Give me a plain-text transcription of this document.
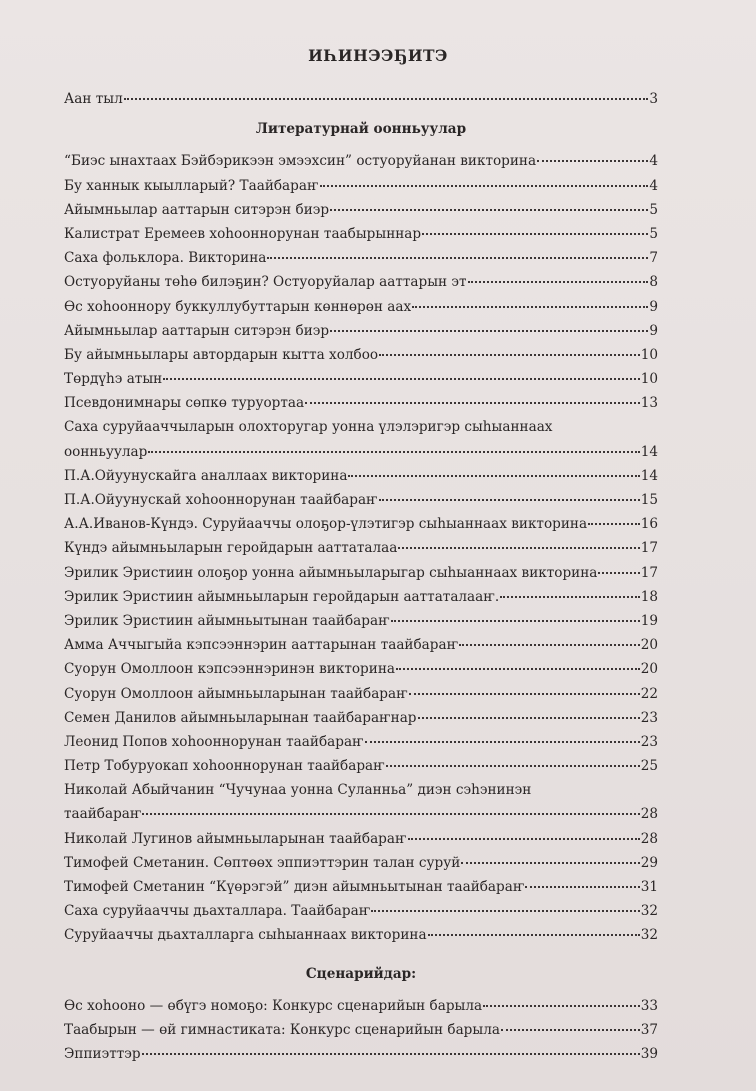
ИҺИНЭЭҔИТЭ
Аан тыл	3
Литературнай оонньуулар
“Биэс ынахтаах Бэйбэрикээн эмээхсин” остуоруйанан викторина	4
Бу ханнык кыылларый? Таайбараҥ	4
Айымньылар ааттарын ситэрэн биэр	5
Калистрат Еремеев хоһооннорунан таабырыннар	5
Саха фольклора. Викторина	7
Остуоруйаны төһө билэҕин? Остуоруйалар ааттарын эт	8
Өс хоһооннору буккуллубуттарын көннөрөн аах	9
Айымньылар ааттарын ситэрэн биэр	9
Бу айымньылары автордарын кытта холбоо	10
Төрдүһэ атын	10
Псевдонимнары сөпкө туруортаа	13
Саха суруйааччыларын олохторугар уонна үлэлэригэр сыһыаннаах
оонньуулар	14
П.А.Ойуунускайга аналлаах викторина	14
П.А.Ойуунускай хоһооннорунан таайбараҥ	15
А.А.Иванов-Күндэ. Суруйааччы олоҕор-үлэтигэр сыһыаннаах викторина	16
Күндэ айымньыларын геройдарын ааттаталаа	17
Эрилик Эристиин олоҕор уонна айымньыларыгар сыһыаннаах викторина	17
Эрилик Эристиин айымньыларын геройдарын ааттаталааҥ.	18
Эрилик Эристиин айымньытынан таайбараҥ	19
Амма Аччыгыйа кэпсээннэрин ааттарынан таайбараҥ	20
Суорун Омоллоон кэпсээннэринэн викторина	20
Суорун Омоллоон айымньыларынан таайбараҥ	22
Семен Данилов айымньыларынан таайбараҥнар	23
Леонид Попов хоһооннорунан таайбараҥ	23
Петр Тобуруокап хоһооннорунан таайбараҥ	25
Николай Абыйчанин “Чучунаа уонна Суланньа” диэн сэһэнинэн
таайбараҥ	28
Николай Лугинов айымньыларынан таайбараҥ	28
Тимофей Сметанин. Сөптөөх эппиэттэрин талан суруй	29
Тимофей Сметанин “Күөрэгэй” диэн айымньытынан таайбараҥ	31
Саха суруйааччы дьахталлара. Таайбараҥ	32
Суруйааччы дьахталларга сыһыаннаах викторина	32
Сценарийдар:
Өс хоһооно — өбүгэ номоҕо: Конкурс сценарийын барыла	33
Таабырын — өй гимнастиката: Конкурс сценарийын барыла	37
Эппиэттэр	39
